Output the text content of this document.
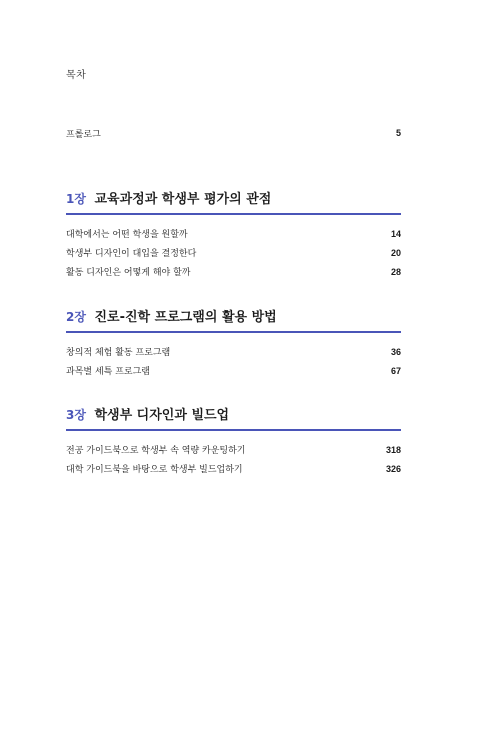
목차
프롤로그	5
1장 교육과정과 학생부 평가의 관점
대학에서는 어떤 학생을 원할까	14
학생부 디자인이 대입을 결정한다	20
활동 디자인은 어떻게 해야 할까	28
2장 진로-진학 프로그램의 활용 방법
창의적 체험 활동 프로그램	36
과목별 세특 프로그램	67
3장 학생부 디자인과 빌드업
전공 가이드북으로 학생부 속 역량 카운팅하기	318
대학 가이드북을 바탕으로 학생부 빌드업하기	326
